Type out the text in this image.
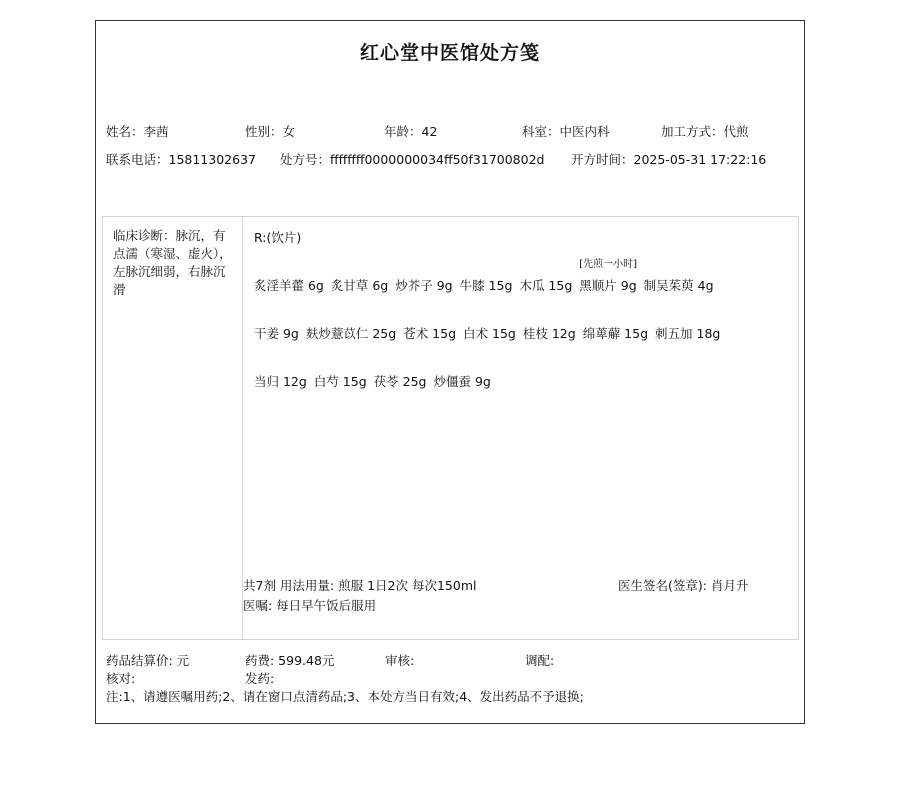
红心堂中医馆处方笺
姓名：李茜	性别：女	年龄：42	科室：中医内科	加工方式：代煎
联系电话：15811302637 处方号：ffffffff0000000034ff50f31700802d 开方时间：2025-05-31 17:22:16
临床诊断：脉沉，有点濡（寒湿、虚火），左脉沉细弱，右脉沉滑
R:(饮片)
炙淫羊藿 6g 炙甘草 6g 炒芥子 9g 牛膝 15g 木瓜 15g
[先煎一小时]
黑顺片 9g 制吴茱萸 4g
干姜 9g 麸炒薏苡仁 25g 苍术 15g 白术 15g 桂枝 12g 绵萆薢 15g 刺五加 18g
当归 12g 白芍 15g 茯苓 25g 炒僵蚕 9g
共7剂 用法用量: 煎服 1日2次 每次150ml	医生签名(签章): 肖月升
医嘱: 每日早午饭后服用
药品结算价: 元	药费: 599.48元	审核:	调配:
核对:	发药:
注:1、请遵医嘱用药;2、请在窗口点清药品;3、本处方当日有效;4、发出药品不予退换;
